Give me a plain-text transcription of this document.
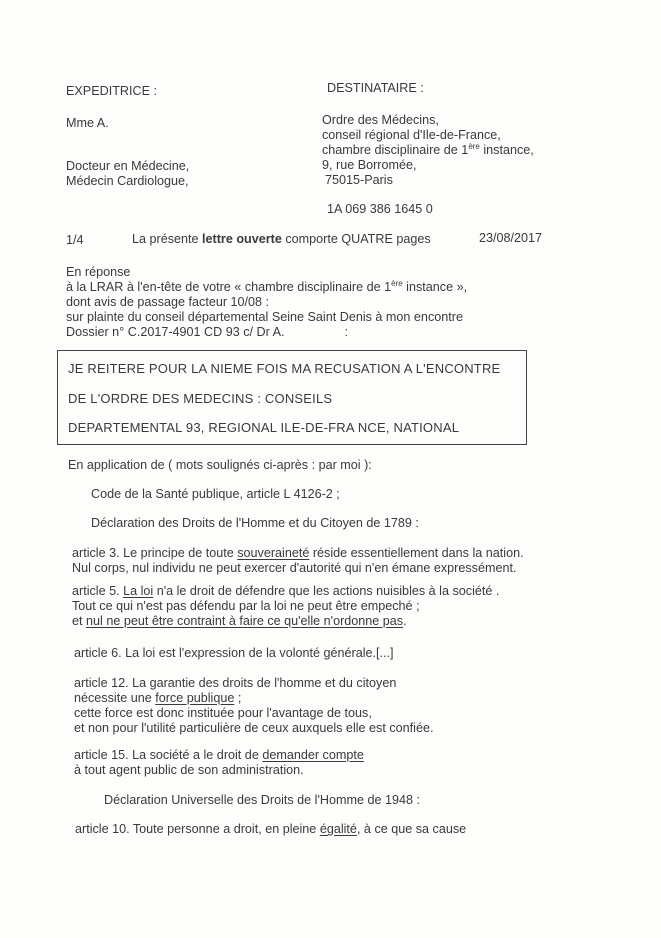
EXPEDITRICE :
Mme A.
Docteur en Médecine,
Médecin Cardiologue,
DESTINATAIRE :
Ordre des Médecins,
conseil régional d'Ile-de-France,
chambre disciplinaire de 1ère instance,
9, rue Borromée,
75015-Paris
1A 069 386 1645 0
1/4	La présente lettre ouverte comporte QUATRE pages	23/08/2017
En réponse
à la LRAR à l'en-tête de votre « chambre disciplinaire de 1ère instance »,
dont avis de passage facteur 10/08 :
sur plainte du conseil départemental Seine Saint Denis à mon encontre
Dossier n° C.2017-4901 CD 93 c/ Dr A.	:
JE REITERE POUR LA NIEME FOIS MA RECUSATION A L'ENCONTRE
DE L'ORDRE DES MEDECINS : CONSEILS
DEPARTEMENTAL 93, REGIONAL ILE-DE-FRA NCE, NATIONAL
En application de ( mots soulignés ci-après : par moi ):
Code de la Santé publique, article L 4126-2 ;
Déclaration des Droits de l'Homme et du Citoyen de 1789 :
article 3. Le principe de toute souveraineté réside essentiellement dans la nation.
Nul corps, nul individu ne peut exercer d'autorité qui n'en émane expressément.
article 5. La loi n'a le droit de défendre que les actions nuisibles à la société .
Tout ce qui n'est pas défendu par la loi ne peut être empeché ;
et nul ne peut être contraint à faire ce qu'elle n'ordonne pas.
article 6. La loi est l'expression de la volonté générale.[...]
article 12. La garantie des droits de l'homme et du citoyen
nécessite une force publique ;
cette force est donc instituée pour l'avantage de tous,
et non pour l'utilité particulière de ceux auxquels elle est confiée.
article 15. La société a le droit de demander compte
à tout agent public de son administration.
Déclaration Universelle des Droits de l'Homme de 1948 :
article 10. Toute personne a droit, en pleine égalité, à ce que sa cause
